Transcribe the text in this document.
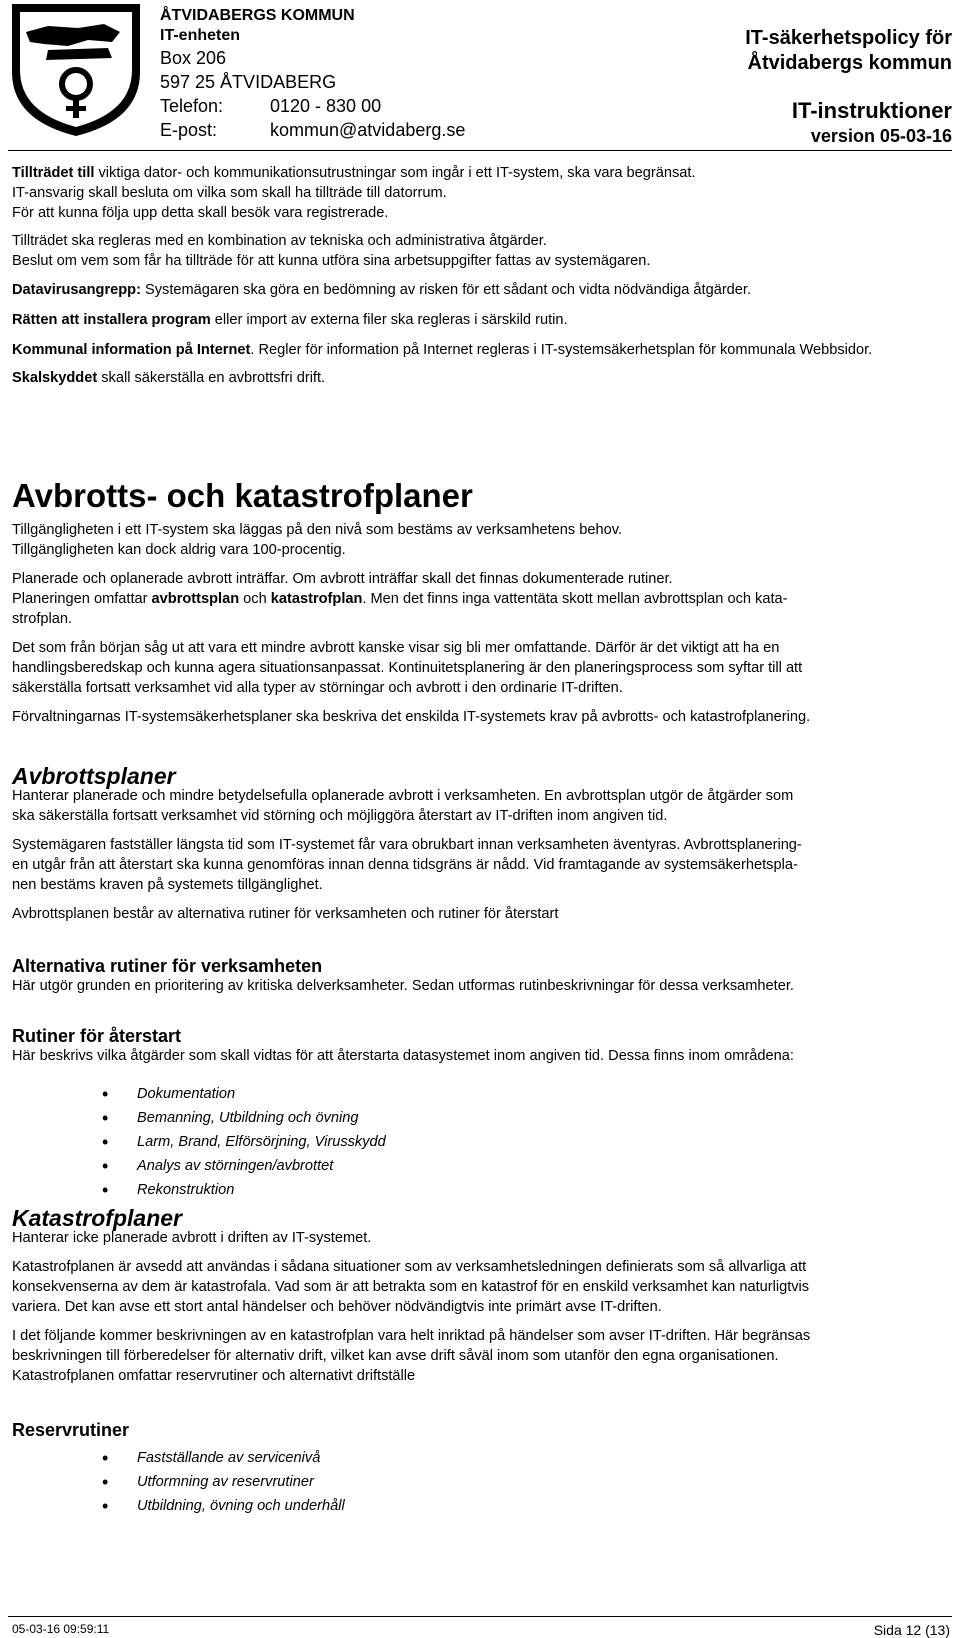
ÅTVIDABERGS KOMMUN
IT-enheten
Box 206
597 25 ÅTVIDABERG
Telefon:	0120 - 830 00
E-post:	kommun@atvidaberg.se
IT-säkerhetspolicy för
Åtvidabergs kommun
IT-instruktioner
version 05-03-16

Tillträdet till viktiga dator- och kommunikationsutrustningar som ingår i ett IT-system, ska vara begränsat.
IT-ansvarig skall besluta om vilka som skall ha tillträde till datorrum.
För att kunna följa upp detta skall besök vara registrerade.

Tillträdet ska regleras med en kombination av tekniska och administrativa åtgärder.
Beslut om vem som får ha tillträde för att kunna utföra sina arbetsuppgifter fattas av systemägaren.

Datavirusangrepp: Systemägaren ska göra en bedömning av risken för ett sådant och vidta nödvändiga åtgärder.

Rätten att installera program eller import av externa filer ska regleras i särskild rutin.

Kommunal information på Internet. Regler för information på Internet regleras i IT-systemsäkerhetsplan för kommunala Webbsidor.

Skalskyddet skall säkerställa en avbrottsfri drift.

Avbrotts- och katastrofplaner

Tillgängligheten i ett IT-system ska läggas på den nivå som bestäms av verksamhetens behov.
Tillgängligheten kan dock aldrig vara 100-procentig.

Planerade och oplanerade avbrott inträffar. Om avbrott inträffar skall det finnas dokumenterade rutiner.
Planeringen omfattar avbrottsplan och katastrofplan. Men det finns inga vattentäta skott mellan avbrottsplan och kata-
strofplan.

Det som från början såg ut att vara ett mindre avbrott kanske visar sig bli mer omfattande. Därför är det viktigt att ha en
handlingsberedskap och kunna agera situationsanpassat. Kontinuitetsplanering är den planeringsprocess som syftar till att
säkerställa fortsatt verksamhet vid alla typer av störningar och avbrott i den ordinarie IT-driften.

Förvaltningarnas IT-systemsäkerhetsplaner ska beskriva det enskilda IT-systemets krav på avbrotts- och katastrofplanering.

Avbrottsplaner

Hanterar planerade och mindre betydelsefulla oplanerade avbrott i verksamheten. En avbrottsplan utgör de åtgärder som
ska säkerställa fortsatt verksamhet vid störning och möjliggöra återstart av IT-driften inom angiven tid.

Systemägaren fastställer längsta tid som IT-systemet får vara obrukbart innan verksamheten äventyras. Avbrottsplanering-
en utgår från att återstart ska kunna genomföras innan denna tidsgräns är nådd. Vid framtagande av systemsäkerhetspla-
nen bestäms kraven på systemets tillgänglighet.

Avbrottsplanen består av alternativa rutiner för verksamheten och rutiner för återstart

Alternativa rutiner för verksamheten

Här utgör grunden en prioritering av kritiska delverksamheter. Sedan utformas rutinbeskrivningar för dessa verksamheter.

Rutiner för återstart

Här beskrivs vilka åtgärder som skall vidtas för att återstarta datasystemet inom angiven tid. Dessa finns inom områdena:

• Dokumentation
• Bemanning, Utbildning och övning
• Larm, Brand, Elförsörjning, Virusskydd
• Analys av störningen/avbrottet
• Rekonstruktion
Katastrofplaner

Hanterar icke planerade avbrott i driften av IT-systemet.

Katastrofplanen är avsedd att användas i sådana situationer som av verksamhetsledningen definierats som så allvarliga att
konsekvenserna av dem är katastrofala. Vad som är att betrakta som en katastrof för en enskild verksamhet kan naturligtvis
variera. Det kan avse ett stort antal händelser och behöver nödvändigtvis inte primärt avse IT-driften.

I det följande kommer beskrivningen av en katastrofplan vara helt inriktad på händelser som avser IT-driften. Här begränsas
beskrivningen till förberedelser för alternativ drift, vilket kan avse drift såväl inom som utanför den egna organisationen.
Katastrofplanen omfattar reservrutiner och alternativt driftställe

Reservrutiner
• Fastställande av servicenivå
• Utformning av reservrutiner
• Utbildning, övning och underhåll
05-03-16 09:59:11	Sida 12 (13)
